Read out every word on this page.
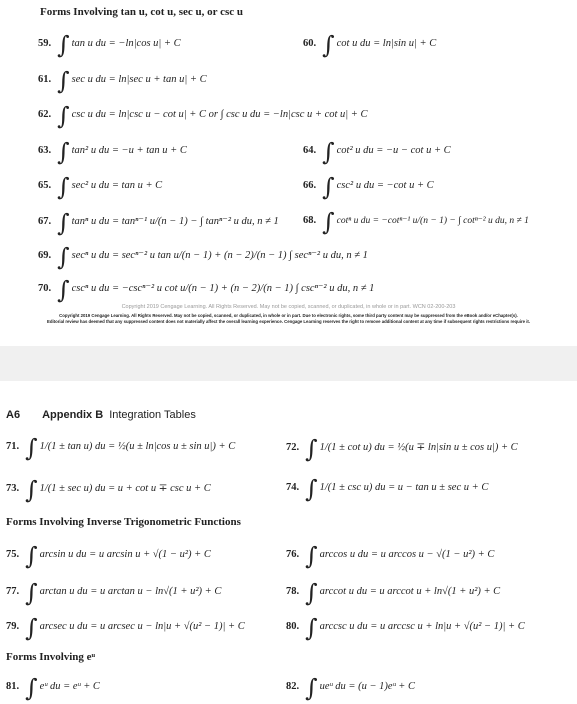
Forms Involving tan u, cot u, sec u, or csc u
59. ∫ tan u du = −ln|cos u| + C	60. ∫ cot u du = ln|sin u| + C
61. ∫ sec u du = ln|sec u + tan u| + C
62. ∫ csc u du = ln|csc u − cot u| + C or ∫ csc u du = −ln|csc u + cot u| + C
63. ∫ tan² u du = −u + tan u + C	64. ∫ cot² u du = −u − cot u + C
65. ∫ sec² u du = tan u + C	66. ∫ csc² u du = −cot u + C
67. ∫ tanⁿ u du = tanⁿ⁻¹ u/(n − 1) − ∫ tanⁿ⁻² u du, n ≠ 1 68. ∫ cotⁿ u du = −cotⁿ⁻¹ u/(n − 1) − ∫ cotⁿ⁻² u du, n ≠ 1
69. ∫ secⁿ u du = secⁿ⁻² u tan u/(n − 1) + (n − 2)/(n − 1) ∫ secⁿ⁻² u du, n ≠ 1
70. ∫ cscⁿ u du = −cscⁿ⁻² u cot u/(n − 1) + (n − 2)/(n − 1) ∫ cscⁿ⁻² u du, n ≠ 1
Copyright 2019 Cengage Learning. All Rights Reserved. May not be copied, scanned, or duplicated, in whole or in part. WCN 02-200-203
Copyright 2019 Cengage Learning. All Rights Reserved. May not be copied, scanned, or duplicated, in whole or in part. Due to electronic rights, some third party content may be suppressed from the eBook and/or eChapter(s).
Editorial review has deemed that any suppressed content does not materially affect the overall learning experience. Cengage Learning reserves the right to remove additional content at any time if subsequent rights restrictions require it.
A6 Appendix B Integration Tables
71. ∫ 1/(1 ± tan u) du = ½(u ± ln|cos u ± sin u|) + C	72. ∫ 1/(1 ± cot u) du = ½(u ∓ ln|sin u ± cos u|) + C
73. ∫ 1/(1 ± sec u) du = u + cot u ∓ csc u + C	74. ∫ 1/(1 ± csc u) du = u − tan u ± sec u + C
Forms Involving Inverse Trigonometric Functions
75. ∫ arcsin u du = u arcsin u + √(1 − u²) + C	76. ∫ arccos u du = u arccos u − √(1 − u²) + C
77. ∫ arctan u du = u arctan u − ln√(1 + u²) + C	78. ∫ arccot u du = u arccot u + ln√(1 + u²) + C
79. ∫ arcsec u du = u arcsec u − ln|u + √(u² − 1)| + C	80. ∫ arccsc u du = u arccsc u + ln|u + √(u² − 1)| + C
Forms Involving eᵘ
81. ∫ eᵘ du = eᵘ + C	82. ∫ ueᵘ du = (u − 1)eᵘ + C
